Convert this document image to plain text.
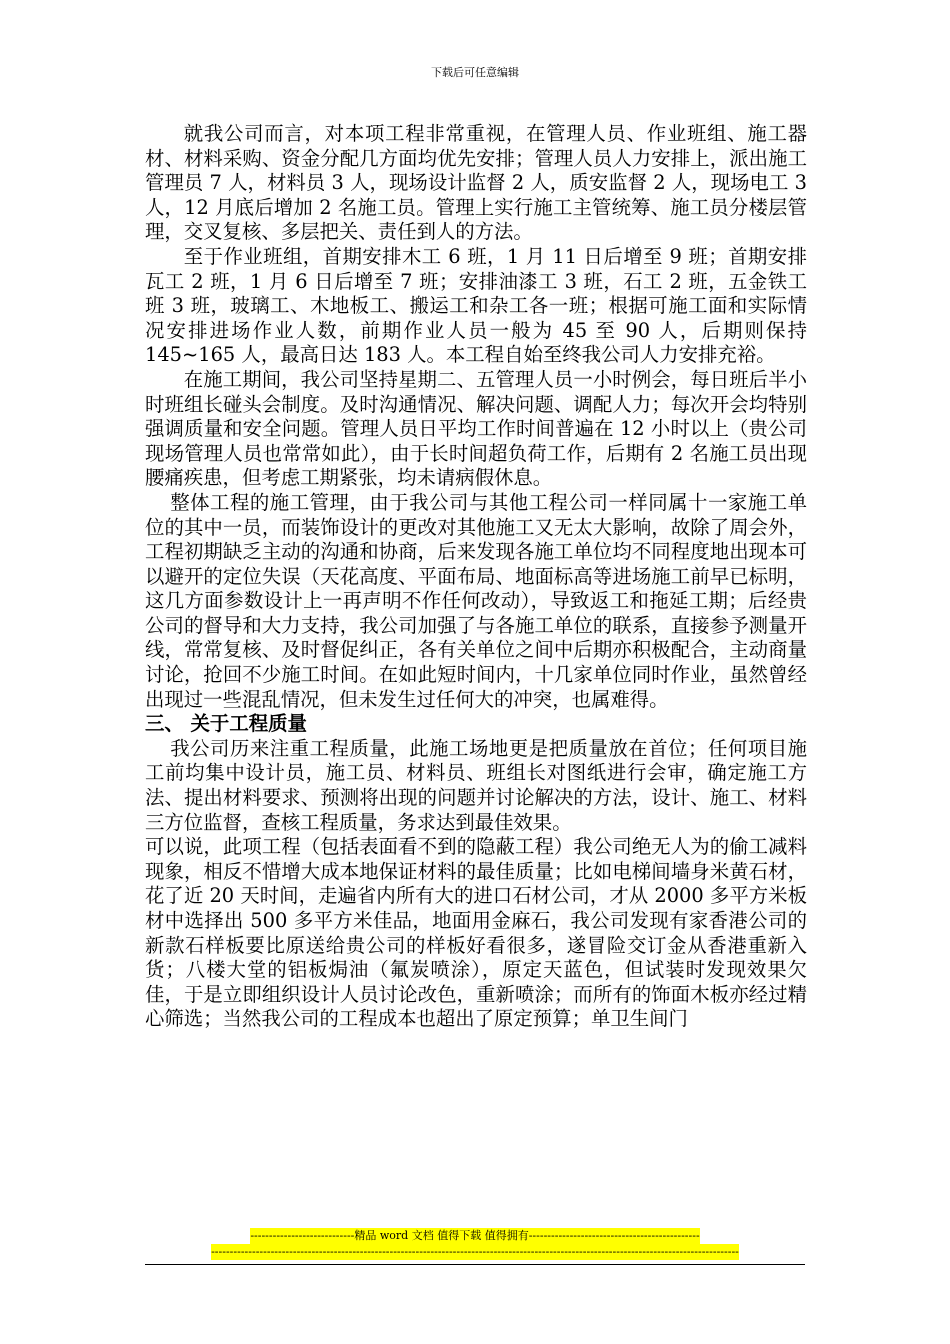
下载后可任意编辑

就我公司而言，对本项工程非常重视，在管理人员、作业班组、施工器材、材料采购、资金分配几方面均优先安排；管理人员人力安排上，派出施工管理员 7 人，材料员 3 人，现场设计监督 2 人，质安监督 2 人，现场电工 3 人，12 月底后增加 2 名施工员。管理上实行施工主管统筹、施工员分楼层管理，交叉复核、多层把关、责任到人的方法。

至于作业班组，首期安排木工 6 班，1 月 11 日后增至 9 班；首期安排瓦工 2 班，1 月 6 日后增至 7 班；安排油漆工 3 班，石工 2 班，五金铁工班 3 班，玻璃工、木地板工、搬运工和杂工各一班；根据可施工面和实际情况安排进场作业人数，前期作业人员一般为 45 至 90 人，后期则保持 145~165 人，最高日达 183 人。本工程自始至终我公司人力安排充裕。

在施工期间，我公司坚持星期二、五管理人员一小时例会，每日班后半小时班组长碰头会制度。及时沟通情况、解决问题、调配人力；每次开会均特别强调质量和安全问题。管理人员日平均工作时间普遍在 12 小时以上（贵公司现场管理人员也常常如此），由于长时间超负荷工作，后期有 2 名施工员出现腰痛疾患，但考虑工期紧张，均未请病假休息。

整体工程的施工管理，由于我公司与其他工程公司一样同属十一家施工单位的其中一员，而装饰设计的更改对其他施工又无太大影响，故除了周会外，工程初期缺乏主动的沟通和协商，后来发现各施工单位均不同程度地出现本可以避开的定位失误（天花高度、平面布局、地面标高等进场施工前早已标明，这几方面参数设计上一再声明不作任何改动），导致返工和拖延工期；后经贵公司的督导和大力支持，我公司加强了与各施工单位的联系，直接参予测量开线，常常复核、及时督促纠正，各有关单位之间中后期亦积极配合，主动商量讨论，抢回不少施工时间。在如此短时间内，十几家单位同时作业，虽然曾经出现过一些混乱情况，但未发生过任何大的冲突，也属难得。

三、 关于工程质量

我公司历来注重工程质量，此施工场地更是把质量放在首位；任何项目施工前均集中设计员，施工员、材料员、班组长对图纸进行会审，确定施工方法、提出材料要求、预测将出现的问题并讨论解决的方法，设计、施工、材料三方位监督，查核工程质量，务求达到最佳效果。

可以说，此项工程（包括表面看不到的隐蔽工程）我公司绝无人为的偷工减料现象，相反不惜增大成本地保证材料的最佳质量；比如电梯间墙身米黄石材，花了近 20 天时间，走遍省内所有大的进口石材公司，才从 2000 多平方米板材中选择出 500 多平方米佳品，地面用金麻石，我公司发现有家香港公司的新款石样板要比原送给贵公司的样板好看很多，遂冒险交订金从香港重新入货；八楼大堂的铝板焗油（氟炭喷涂），原定天蓝色，但试装时发现效果欠佳，于是立即组织设计人员讨论改色，重新喷涂；而所有的饰面木板亦经过精心筛选；当然我公司的工程成本也超出了原定预算；单卫生间门

----------------------------精品 word 文档 值得下载 值得拥有----------------------------------------------
----------------------------------------------------------------------------------------------------------------------------------------------
